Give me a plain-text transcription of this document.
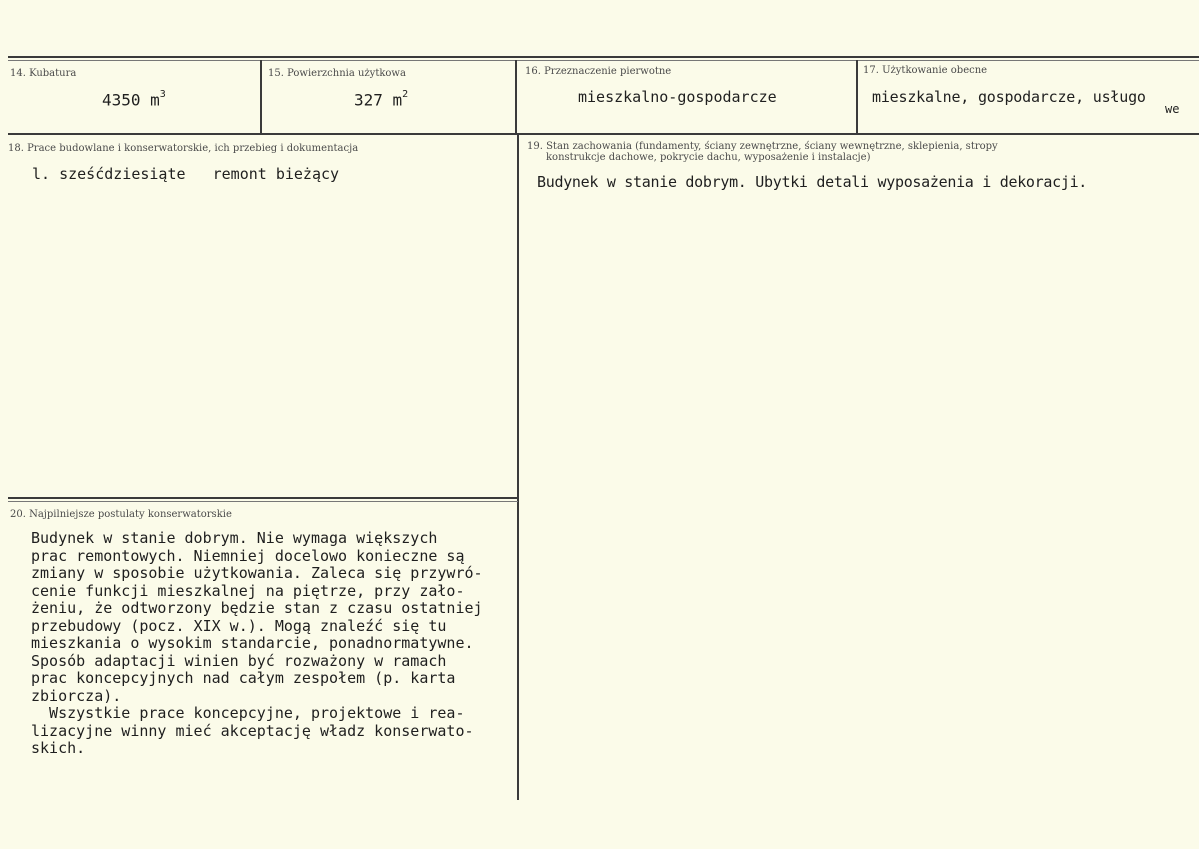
14. Kubatura
4350 $m^3$
15. Powierzchnia użytkowa
327 $m^2$
16. Przeznaczenie pierwotne
mieszkalno-gospodarcze
17. Użytkowanie obecne
mieszkalne, gospodarcze, usługo
we
18. Prace budowlane i konserwatorskie, ich przebieg i dokumentacja
l. sześćdziesiąte   remont bieżący
19. Stan zachowania (fundamenty, ściany zewnętrzne, ściany wewnętrzne, sklepienia, stropy
konstrukcje dachowe, pokrycie dachu, wyposażenie i instalacje)
Budynek w stanie dobrym. Ubytki detali wyposażenia i dekoracji.
20. Najpilniejsze postulaty konserwatorskie
Budynek w stanie dobrym. Nie wymaga większych
prac remontowych. Niemniej docelowo konieczne są
zmiany w sposobie użytkowania. Zaleca się przywró-
cenie funkcji mieszkalnej na piętrze, przy zało-
żeniu, że odtworzony będzie stan z czasu ostatniej
przebudowy (pocz. XIX w.). Mogą znaleźć się tu
mieszkania o wysokim standarcie, ponadnormatywne.
Sposób adaptacji winien być rozważony w ramach
prac koncepcyjnych nad całym zespołem (p. karta
zbiorcza).
Wszystkie prace koncepcyjne, projektowe i rea-
lizacyjne winny mieć akceptację władz konserwato-
skich.
